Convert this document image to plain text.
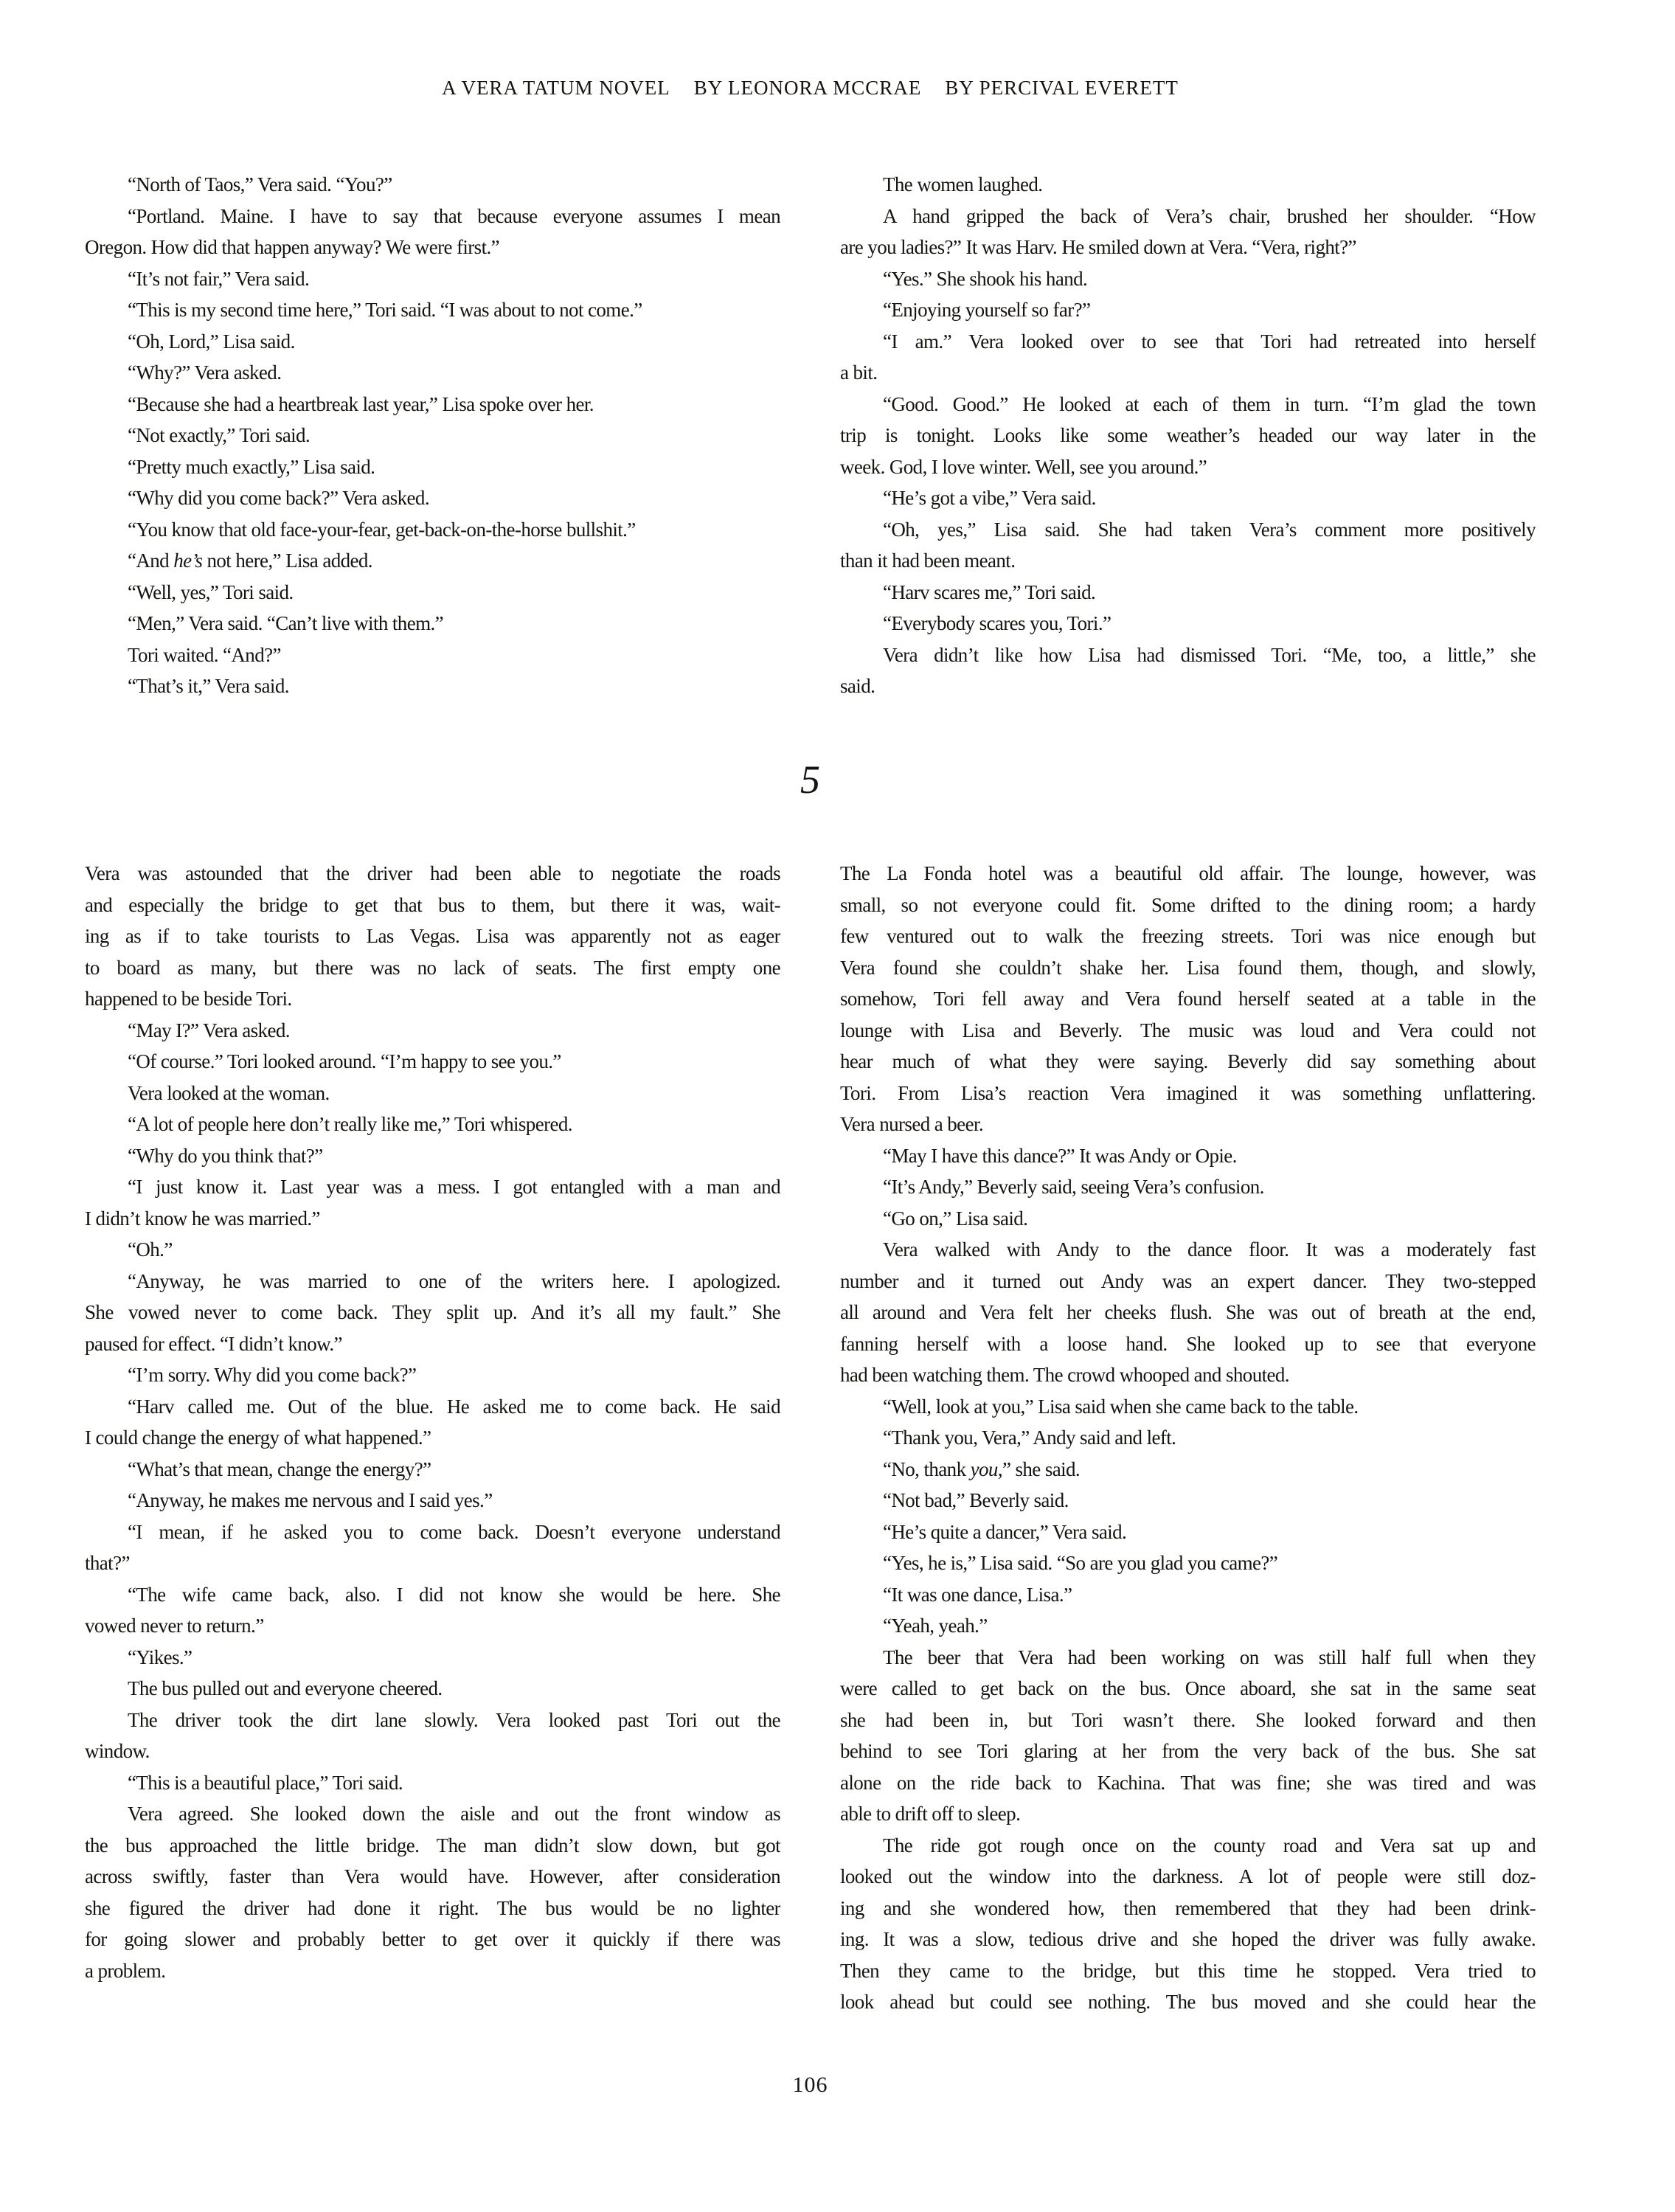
A VERA TATUM NOVEL BY LEONORA MCCRAE BY PERCIVAL EVERETT
“North of Taos,” Vera said. “You?”
“Portland. Maine. I have to say that because everyone assumes I mean
Oregon. How did that happen anyway? We were first.”
“It’s not fair,” Vera said.
“This is my second time here,” Tori said. “I was about to not come.”
“Oh, Lord,” Lisa said.
“Why?” Vera asked.
“Because she had a heartbreak last year,” Lisa spoke over her.
“Not exactly,” Tori said.
“Pretty much exactly,” Lisa said.
“Why did you come back?” Vera asked.
“You know that old face-your-fear, get-back-on-the-horse bullshit.”
“And he’s not here,” Lisa added.
“Well, yes,” Tori said.
“Men,” Vera said. “Can’t live with them.”
Tori waited. “And?”
“That’s it,” Vera said.
The women laughed.
A hand gripped the back of Vera’s chair, brushed her shoulder. “How
are you ladies?” It was Harv. He smiled down at Vera. “Vera, right?”
“Yes.” She shook his hand.
“Enjoying yourself so far?”
“I am.” Vera looked over to see that Tori had retreated into herself
a bit.
“Good. Good.” He looked at each of them in turn. “I’m glad the town
trip is tonight. Looks like some weather’s headed our way later in the
week. God, I love winter. Well, see you around.”
“He’s got a vibe,” Vera said.
“Oh, yes,” Lisa said. She had taken Vera’s comment more positively
than it had been meant.
“Harv scares me,” Tori said.
“Everybody scares you, Tori.”
Vera didn’t like how Lisa had dismissed Tori. “Me, too, a little,” she
said.
5
Vera was astounded that the driver had been able to negotiate the roads
and especially the bridge to get that bus to them, but there it was, wait-
ing as if to take tourists to Las Vegas. Lisa was apparently not as eager
to board as many, but there was no lack of seats. The first empty one
happened to be beside Tori.
“May I?” Vera asked.
“Of course.” Tori looked around. “I’m happy to see you.”
Vera looked at the woman.
“A lot of people here don’t really like me,” Tori whispered.
“Why do you think that?”
“I just know it. Last year was a mess. I got entangled with a man and
I didn’t know he was married.”
“Oh.”
“Anyway, he was married to one of the writers here. I apologized.
She vowed never to come back. They split up. And it’s all my fault.” She
paused for effect. “I didn’t know.”
“I’m sorry. Why did you come back?”
“Harv called me. Out of the blue. He asked me to come back. He said
I could change the energy of what happened.”
“What’s that mean, change the energy?”
“Anyway, he makes me nervous and I said yes.”
“I mean, if he asked you to come back. Doesn’t everyone understand
that?”
“The wife came back, also. I did not know she would be here. She
vowed never to return.”
“Yikes.”
The bus pulled out and everyone cheered.
The driver took the dirt lane slowly. Vera looked past Tori out the
window.
“This is a beautiful place,” Tori said.
Vera agreed. She looked down the aisle and out the front window as
the bus approached the little bridge. The man didn’t slow down, but got
across swiftly, faster than Vera would have. However, after consideration
she figured the driver had done it right. The bus would be no lighter
for going slower and probably better to get over it quickly if there was
a problem.
The La Fonda hotel was a beautiful old affair. The lounge, however, was
small, so not everyone could fit. Some drifted to the dining room; a hardy
few ventured out to walk the freezing streets. Tori was nice enough but
Vera found she couldn’t shake her. Lisa found them, though, and slowly,
somehow, Tori fell away and Vera found herself seated at a table in the
lounge with Lisa and Beverly. The music was loud and Vera could not
hear much of what they were saying. Beverly did say something about
Tori. From Lisa’s reaction Vera imagined it was something unflattering.
Vera nursed a beer.
“May I have this dance?” It was Andy or Opie.
“It’s Andy,” Beverly said, seeing Vera’s confusion.
“Go on,” Lisa said.
Vera walked with Andy to the dance floor. It was a moderately fast
number and it turned out Andy was an expert dancer. They two-stepped
all around and Vera felt her cheeks flush. She was out of breath at the end,
fanning herself with a loose hand. She looked up to see that everyone
had been watching them. The crowd whooped and shouted.
“Well, look at you,” Lisa said when she came back to the table.
“Thank you, Vera,” Andy said and left.
“No, thank you,” she said.
“Not bad,” Beverly said.
“He’s quite a dancer,” Vera said.
“Yes, he is,” Lisa said. “So are you glad you came?”
“It was one dance, Lisa.”
“Yeah, yeah.”
The beer that Vera had been working on was still half full when they
were called to get back on the bus. Once aboard, she sat in the same seat
she had been in, but Tori wasn’t there. She looked forward and then
behind to see Tori glaring at her from the very back of the bus. She sat
alone on the ride back to Kachina. That was fine; she was tired and was
able to drift off to sleep.
The ride got rough once on the county road and Vera sat up and
looked out the window into the darkness. A lot of people were still doz-
ing and she wondered how, then remembered that they had been drink-
ing. It was a slow, tedious drive and she hoped the driver was fully awake.
Then they came to the bridge, but this time he stopped. Vera tried to
look ahead but could see nothing. The bus moved and she could hear the
106
